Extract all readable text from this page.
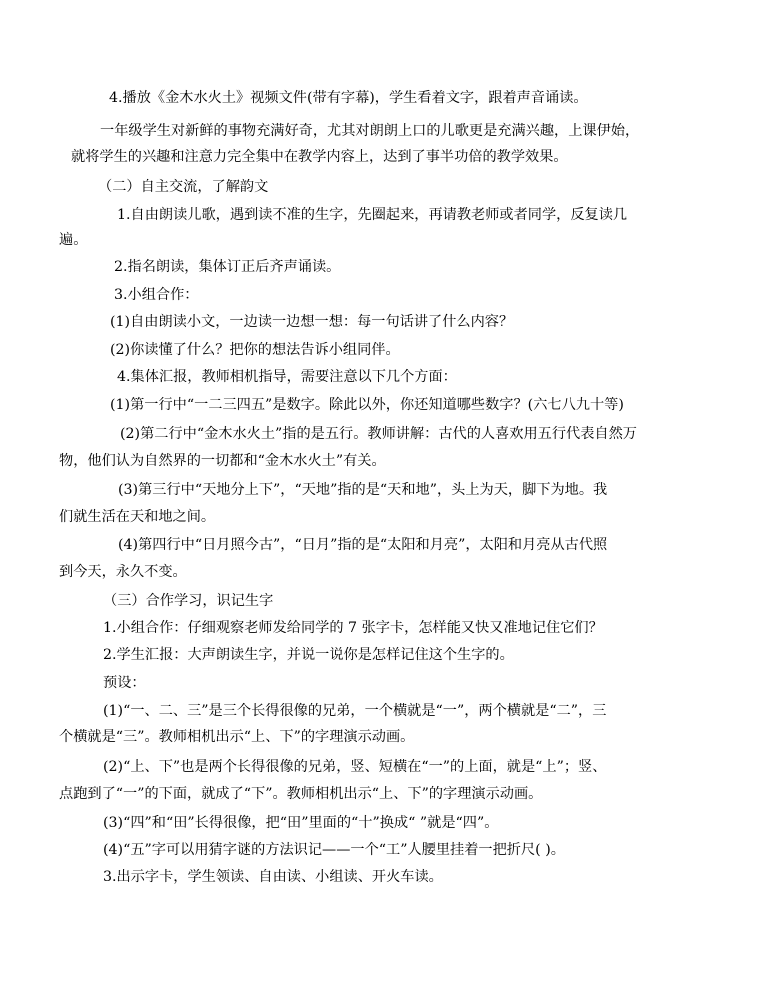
4.播放《金木水火土》视频文件(带有字幕)，学生看着文字，跟着声音诵读。
一年级学生对新鲜的事物充满好奇，尤其对朗朗上口的儿歌更是充满兴趣，上课伊始，
就将学生的兴趣和注意力完全集中在教学内容上，达到了事半功倍的教学效果。
（二）自主交流，了解韵文
1.自由朗读儿歌，遇到读不准的生字，先圈起来，再请教老师或者同学，反复读几
遍。
2.指名朗读，集体订正后齐声诵读。
3.小组合作：
(1)自由朗读小文，一边读一边想一想：每一句话讲了什么内容？
(2)你读懂了什么？把你的想法告诉小组同伴。
4.集体汇报，教师相机指导，需要注意以下几个方面：
(1)第一行中“一二三四五”是数字。除此以外，你还知道哪些数字？(六七八九十等)
(2)第二行中“金木水火土”指的是五行。教师讲解：古代的人喜欢用五行代表自然万
物，他们认为自然界的一切都和“金木水火土”有关。
(3)第三行中“天地分上下”，“天地”指的是“天和地”，头上为天，脚下为地。我
们就生活在天和地之间。
(4)第四行中“日月照今古”，“日月”指的是“太阳和月亮”，太阳和月亮从古代照
到今天，永久不变。
（三）合作学习，识记生字
1.小组合作：仔细观察老师发给同学的 7 张字卡，怎样能又快又准地记住它们？
2.学生汇报：大声朗读生字，并说一说你是怎样记住这个生字的。
预设：
(1)“一、二、三”是三个长得很像的兄弟，一个横就是“一”，两个横就是“二”，三
个横就是“三”。教师相机出示“上、下”的字理演示动画。
(2)“上、下”也是两个长得很像的兄弟，竖、短横在“一”的上面，就是“上”；竖、
点跑到了“一”的下面，就成了“下”。教师相机出示“上、下”的字理演示动画。
(3)“四”和“田”长得很像，把“田”里面的“十”换成“ ”就是“四”。
(4)“五”字可以用猜字谜的方法识记——一个“工”人腰里挂着一把折尺( )。
3.出示字卡，学生领读、自由读、小组读、开火车读。
